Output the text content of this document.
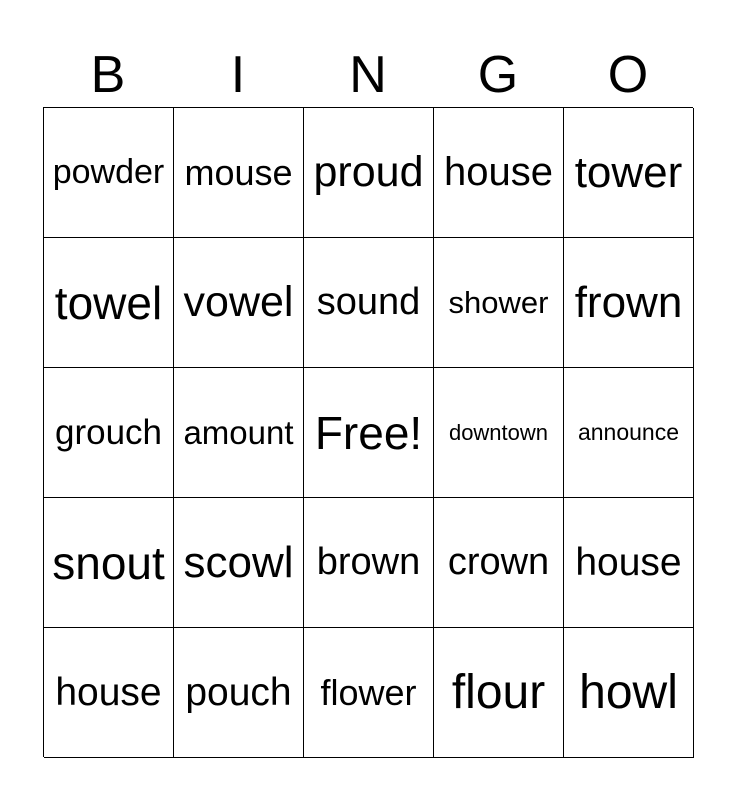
B	I	N	G	O
powder mouse proud house tower
towel vowel sound shower frown
grouch amount Free!	downtown	announce
snout scowl brown crown house
house pouch flower flour howl
